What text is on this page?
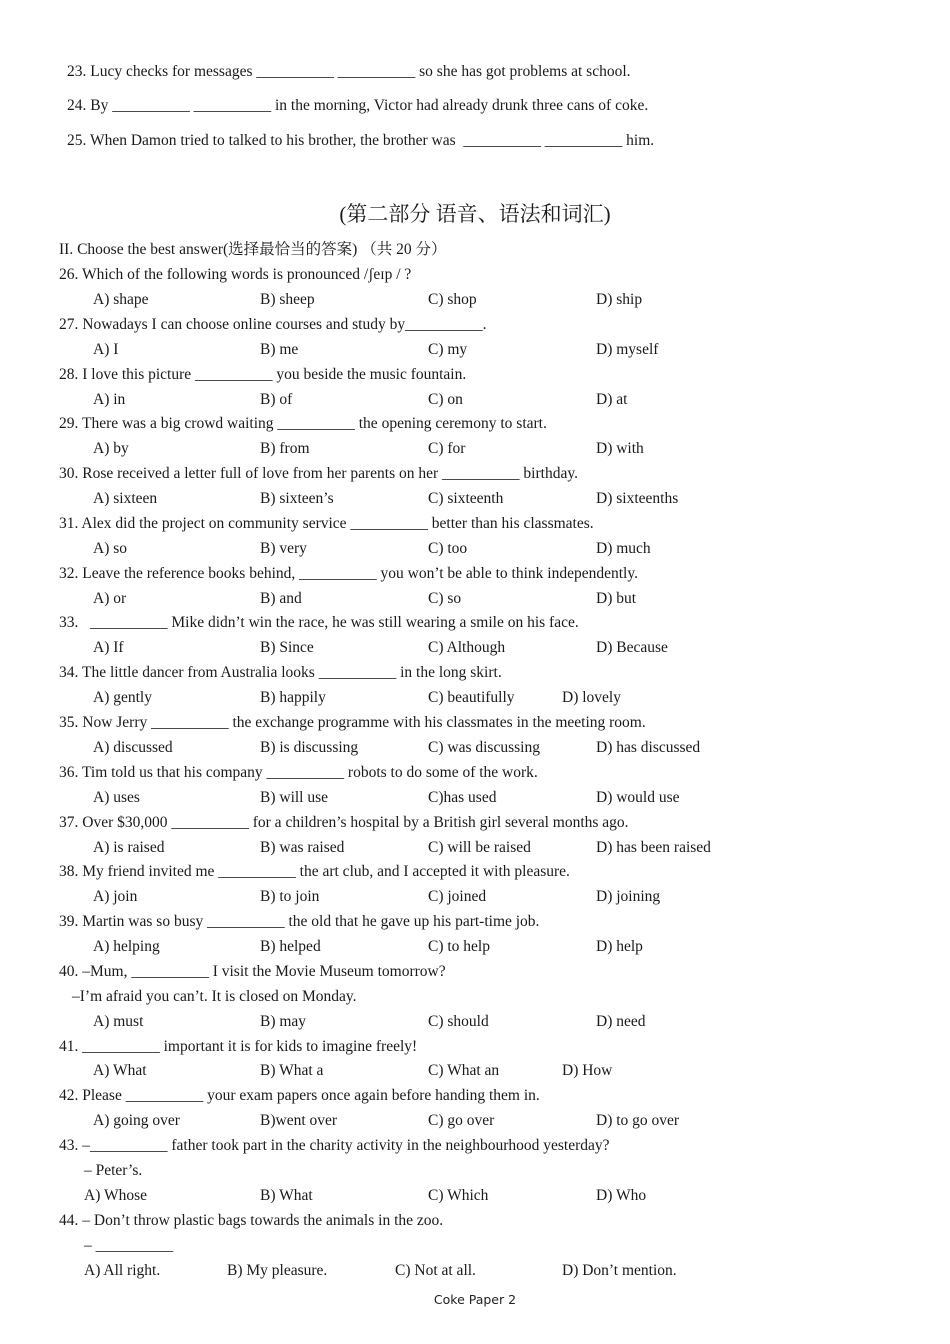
23. Lucy checks for messages __________ __________ so she has got problems at school.
24. By __________ __________ in the morning, Victor had already drunk three cans of coke.
25. When Damon tried to talked to his brother, the brother was  __________ __________ him.
(第二部分 语音、语法和词汇)
II. Choose the best answer(选择最恰当的答案) （共 20 分）
26. Which of the following words is pronounced /ʃeɪp / ?
A) shape	B) sheep	C) shop	D) ship
27. Nowadays I can choose online courses and study by__________.
A) I	B) me	C) my	D) myself
28. I love this picture __________ you beside the music fountain.
A) in	B) of	C) on	D) at
29. There was a big crowd waiting __________ the opening ceremony to start.
A) by	B) from	C) for	D) with
30. Rose received a letter full of love from her parents on her __________ birthday.
A) sixteen	B) sixteen’s	C) sixteenth	D) sixteenths
31. Alex did the project on community service __________ better than his classmates.
A) so	B) very	C) too	D) much
32. Leave the reference books behind, __________ you won’t be able to think independently.
A) or	B) and	C) so	D) but
33.   __________ Mike didn’t win the race, he was still wearing a smile on his face.
A) If	B) Since	C) Although	D) Because
34. The little dancer from Australia looks __________ in the long skirt.
A) gently	B) happily	C) beautifully	D) lovely
35. Now Jerry __________ the exchange programme with his classmates in the meeting room.
A) discussed	B) is discussing	C) was discussing	D) has discussed
36. Tim told us that his company __________ robots to do some of the work.
A) uses	B) will use	C)has used	D) would use
37. Over $30,000 __________ for a children’s hospital by a British girl several months ago.
A) is raised	B) was raised	C) will be raised	D) has been raised
38. My friend invited me __________ the art club, and I accepted it with pleasure.
A) join	B) to join	C) joined	D) joining
39. Martin was so busy __________ the old that he gave up his part-time job.
A) helping	B) helped	C) to help	D) help
40. –Mum, __________ I visit the Movie Museum tomorrow?
–I’m afraid you can’t. It is closed on Monday.
A) must	B) may	C) should	D) need
41. __________ important it is for kids to imagine freely!
A) What	B) What a	C) What an	D) How
42. Please __________ your exam papers once again before handing them in.
A) going over	B)went over	C) go over	D) to go over
43. –__________ father took part in the charity activity in the neighbourhood yesterday?
– Peter’s.
A) Whose	B) What	C) Which	D) Who
44. – Don’t throw plastic bags towards the animals in the zoo.
– __________
A) All right.	B) My pleasure.	C) Not at all.	D) Don’t mention.
Coke Paper 2
